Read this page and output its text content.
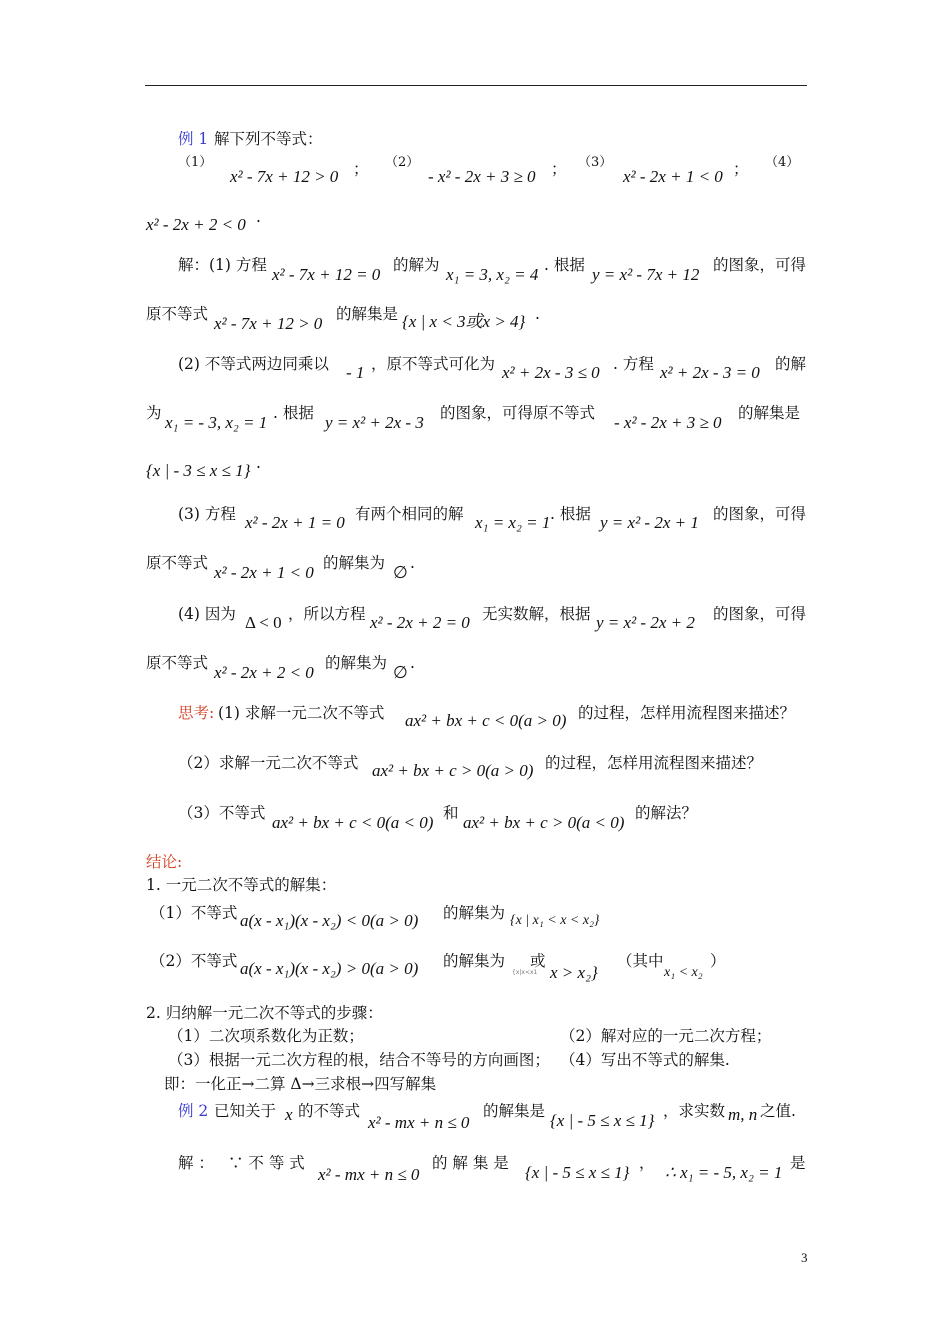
例 1 解下列不等式：
（1）
x² - 7x + 12 > 0 ； （2）
- x² - 2x + 3 ≥ 0 ； （3）
x² - 2x + 1 < 0 ； （4）
x² - 2x + 2 < 0 .
解：(1) 方程 x² - 7x + 12 = 0 的解为 x₁ = 3, x₂ = 4 . 根据 y = x² - 7x + 12 的图象，可得
原不等式 x² - 7x + 12 > 0 的解集是 {x | x < 3或x > 4} .
(2) 不等式两边同乘以 - 1 ，原不等式可化为 x² + 2x - 3 ≤ 0 . 方程 x² + 2x - 3 = 0 的解
为 x₁ = - 3, x₂ = 1 . 根据 y = x² + 2x - 3 的图象，可得原不等式 - x² - 2x + 3 ≥ 0 的解集是
{x | - 3 ≤ x ≤ 1} .
(3) 方程 x² - 2x + 1 = 0 有两个相同的解 x₁ = x₂ = 1 . 根据 y = x² - 2x + 1 的图象，可得
原不等式 x² - 2x + 1 < 0 的解集为 ∅ .
(4) 因为 Δ < 0 ，所以方程 x² - 2x + 2 = 0 无实数解，根据 y = x² - 2x + 2 的图象，可得
原不等式 x² - 2x + 2 < 0 的解集为 ∅ .
思考: (1) 求解一元二次不等式 ax² + bx + c < 0(a > 0) 的过程，怎样用流程图来描述？
（2）求解一元二次不等式 ax² + bx + c > 0(a > 0) 的过程，怎样用流程图来描述？
（3）不等式 ax² + bx + c < 0(a < 0) 和 ax² + bx + c > 0(a < 0) 的解法？
结论:
1. 一元二次不等式的解集：
（1）不等式 a(x - x₁)(x - x₂) < 0(a > 0) 的解集为 {x | x₁ < x < x₂}
（2）不等式 a(x - x₁)(x - x₂) > 0(a > 0) 的解集为
{x|x<x1
或
x > x₂}
（其中
x₁ < x₂
）
2. 归纳解一元二次不等式的步骤：
（1）二次项系数化为正数；	（2）解对应的一元二次方程；
（3）根据一元二次方程的根，结合不等号的方向画图； （4）写出不等式的解集.
即：一化正→二算 Δ→三求根→四写解集
例 2 已知关于 x 的不等式
x² - mx + n ≤ 0
的解集是 {x | - 5 ≤ x ≤ 1} ，求实数 m, n 之值.
解 ： ∵ 不 等 式
x² - mx + n ≤ 0
的 解 集 是 {x | - 5 ≤ x ≤ 1} ， ∴ x₁ = - 5, x₂ = 1 是
3
